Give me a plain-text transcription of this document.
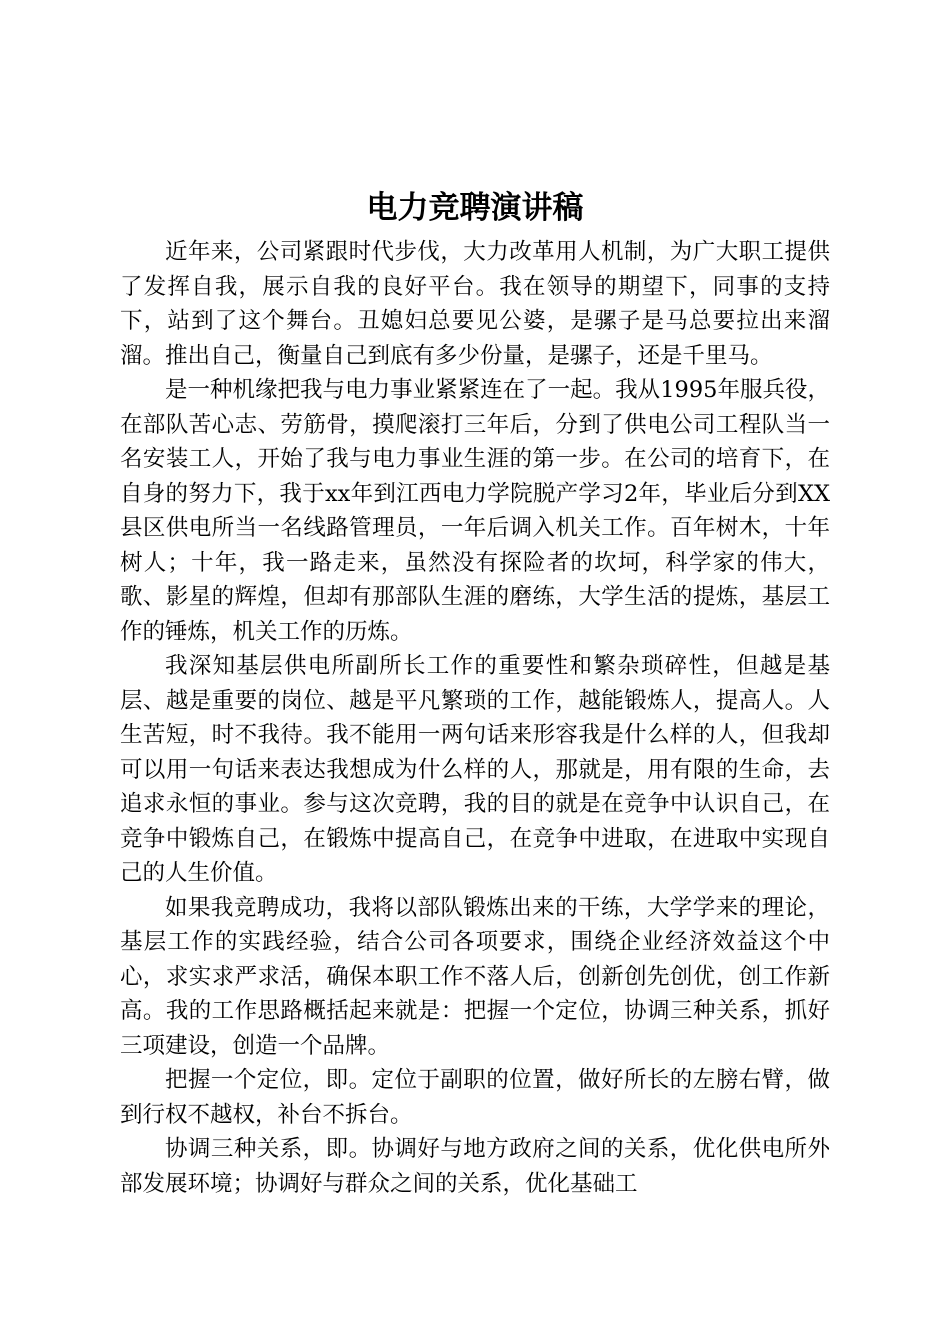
电力竞聘演讲稿

近年来，公司紧跟时代步伐，大力改革用人机制，为广大职工提供了发挥自我，展示自我的良好平台。我在领导的期望下，同事的支持下，站到了这个舞台。丑媳妇总要见公婆，是骡子是马总要拉出来溜溜。推出自己，衡量自己到底有多少份量，是骡子，还是千里马。

是一种机缘把我与电力事业紧紧连在了一起。我从1995年服兵役，在部队苦心志、劳筋骨，摸爬滚打三年后，分到了供电公司工程队当一名安装工人，开始了我与电力事业生涯的第一步。在公司的培育下，在自身的努力下，我于xx年到江西电力学院脱产学习2年，毕业后分到XX县区供电所当一名线路管理员，一年后调入机关工作。百年树木，十年树人；十年，我一路走来，虽然没有探险者的坎坷，科学家的伟大，歌、影星的辉煌，但却有那部队生涯的磨练，大学生活的提炼，基层工作的锤炼，机关工作的历炼。

我深知基层供电所副所长工作的重要性和繁杂琐碎性，但越是基层、越是重要的岗位、越是平凡繁琐的工作，越能锻炼人，提高人。人生苦短，时不我待。我不能用一两句话来形容我是什么样的人，但我却可以用一句话来表达我想成为什么样的人，那就是，用有限的生命，去追求永恒的事业。参与这次竞聘，我的目的就是在竞争中认识自己，在竞争中锻炼自己，在锻炼中提高自己，在竞争中进取，在进取中实现自己的人生价值。

如果我竞聘成功，我将以部队锻炼出来的干练，大学学来的理论，基层工作的实践经验，结合公司各项要求，围绕企业经济效益这个中心，求实求严求活，确保本职工作不落人后，创新创先创优，创工作新高。我的工作思路概括起来就是：把握一个定位，协调三种关系，抓好三项建设，创造一个品牌。

把握一个定位，即。定位于副职的位置，做好所长的左膀右臂，做到行权不越权，补台不拆台。

协调三种关系，即。协调好与地方政府之间的关系，优化供电所外部发展环境；协调好与群众之间的关系，优化基础工
